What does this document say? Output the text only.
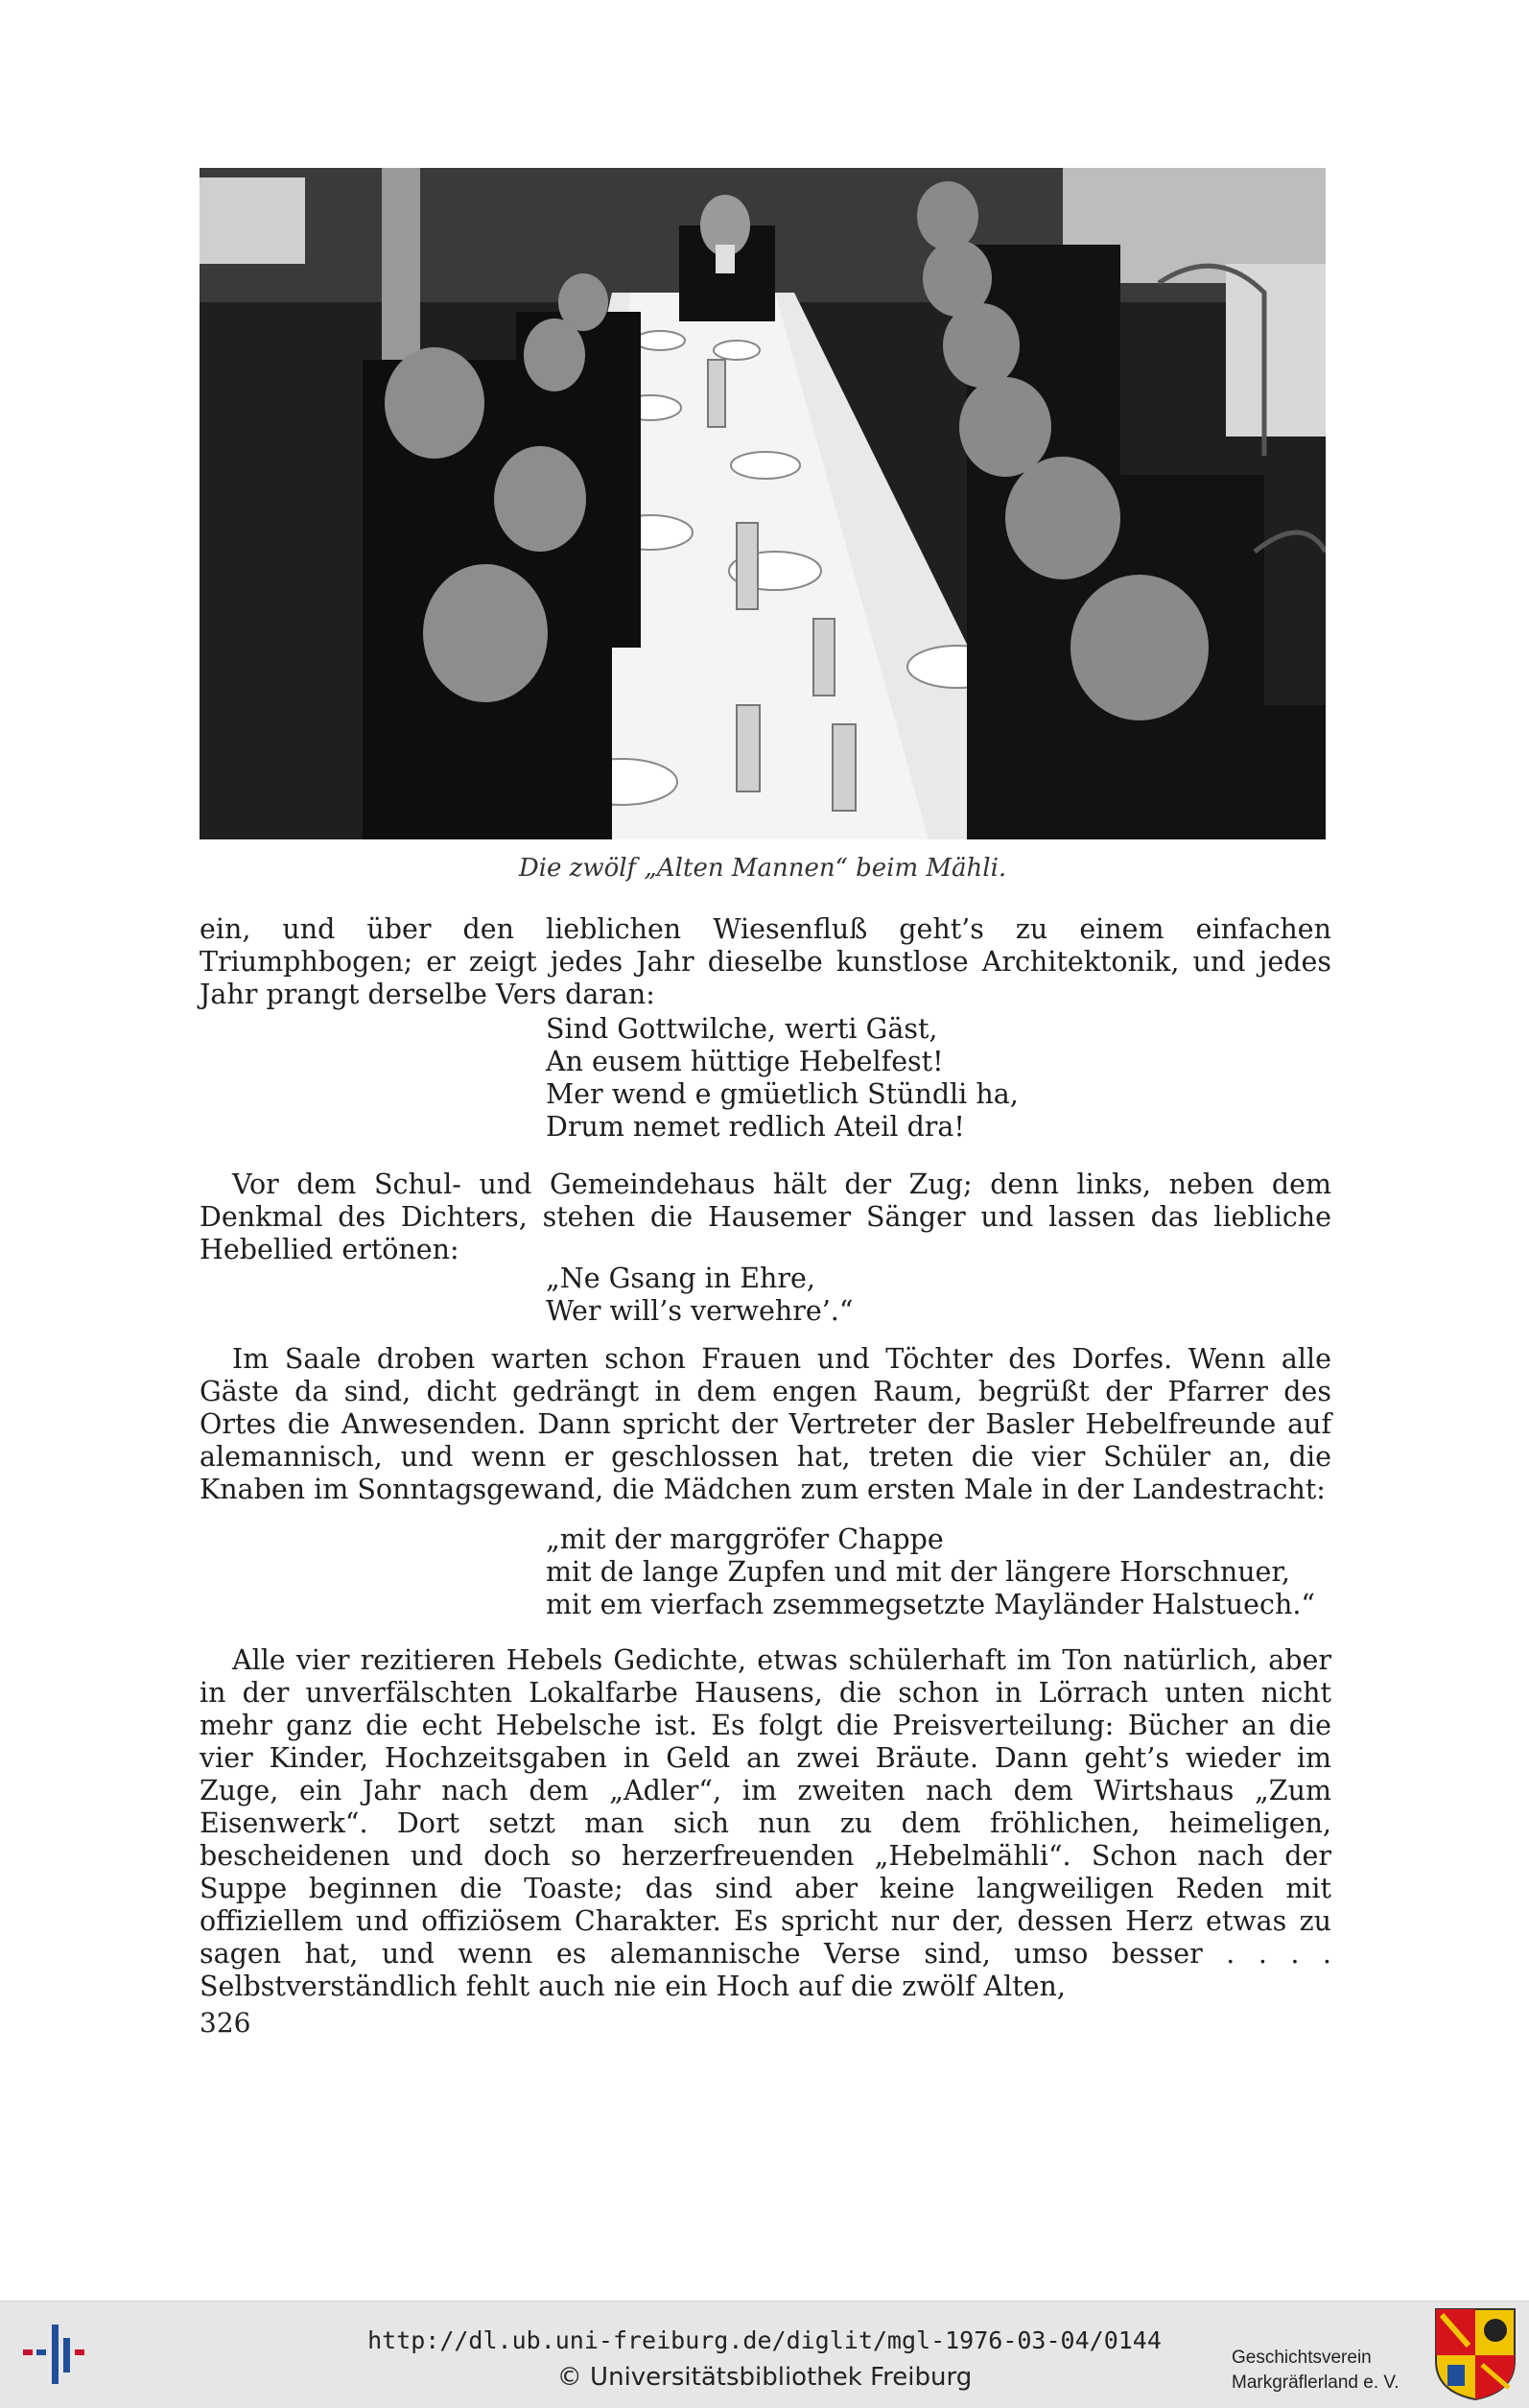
Die zwölf „Alten Mannen“ beim Mähli.

ein, und über den lieblichen Wiesenfluß geht’s zu einem einfachen Triumphbogen; er zeigt jedes Jahr dieselbe kunstlose Architektonik, und jedes Jahr prangt derselbe Vers daran:

Sind Gottwilche, werti Gäst,
An eusem hüttige Hebelfest!
Mer wend e gmüetlich Stündli ha,
Drum nemet redlich Ateil dra!

Vor dem Schul- und Gemeindehaus hält der Zug; denn links, neben dem Denkmal des Dichters, stehen die Hausemer Sänger und lassen das liebliche Hebellied ertönen:

„Ne Gsang in Ehre,
Wer will’s verwehre’.“

Im Saale droben warten schon Frauen und Töchter des Dorfes. Wenn alle Gäste da sind, dicht gedrängt in dem engen Raum, begrüßt der Pfarrer des Ortes die Anwesenden. Dann spricht der Vertreter der Basler Hebelfreunde auf alemannisch, und wenn er geschlossen hat, treten die vier Schüler an, die Knaben im Sonntagsgewand, die Mädchen zum ersten Male in der Landestracht:

„mit der marggröfer Chappe
mit de lange Zupfen und mit der längere Horschnuer,
mit em vierfach zsemmegsetzte Mayländer Halstuech.“

Alle vier rezitieren Hebels Gedichte, etwas schülerhaft im Ton natürlich, aber in der unverfälschten Lokalfarbe Hausens, die schon in Lörrach unten nicht mehr ganz die echt Hebelsche ist. Es folgt die Preisverteilung: Bücher an die vier Kinder, Hochzeitsgaben in Geld an zwei Bräute. Dann geht’s wieder im Zuge, ein Jahr nach dem „Adler“, im zweiten nach dem Wirtshaus „Zum Eisenwerk“. Dort setzt man sich nun zu dem fröhlichen, heimeligen, bescheidenen und doch so herzerfreuenden „Hebelmähli“. Schon nach der Suppe beginnen die Toaste; das sind aber keine langweiligen Reden mit offiziellem und offiziösem Charakter. Es spricht nur der, dessen Herz etwas zu sagen hat, und wenn es alemannische Verse sind, umso besser . . . . Selbstverständlich fehlt auch nie ein Hoch auf die zwölf Alten,

326
http://dl.ub.uni-freiburg.de/diglit/mgl-1976-03-04/0144
© Universitätsbibliothek Freiburg
Geschichtsverein
Markgräflerland e. V.
